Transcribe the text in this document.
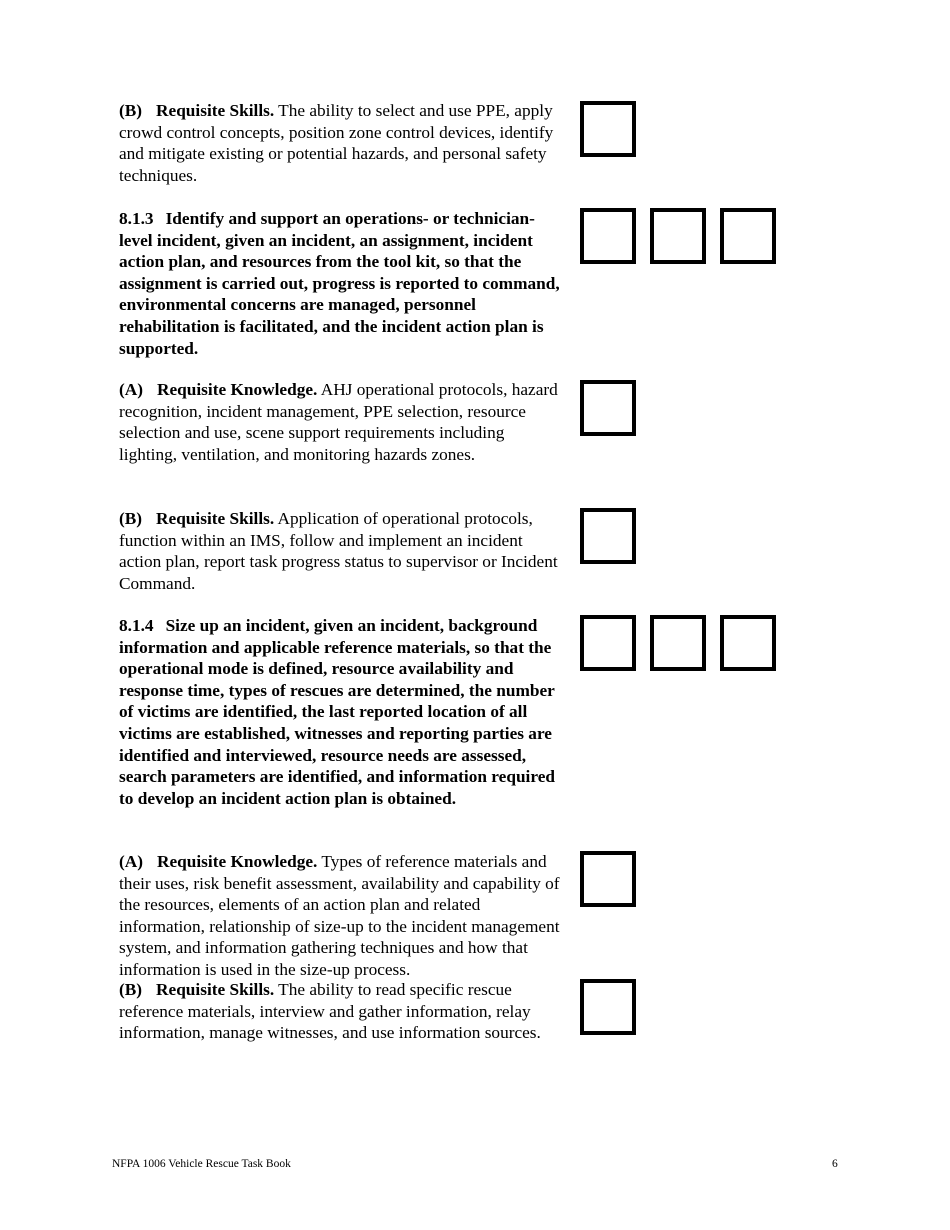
(B) Requisite Skills. The ability to select and use PPE, apply crowd control concepts, position zone control devices, identify and mitigate existing or potential hazards, and personal safety techniques.

8.1.3 Identify and support an operations- or technician-level incident, given an incident, an assignment, incident action plan, and resources from the tool kit, so that the assignment is carried out, progress is reported to command, environmental concerns are managed, personnel rehabilitation is facilitated, and the incident action plan is supported.

(A) Requisite Knowledge. AHJ operational protocols, hazard recognition, incident management, PPE selection, resource selection and use, scene support requirements including lighting, ventilation, and monitoring hazards zones.

(B) Requisite Skills. Application of operational protocols, function within an IMS, follow and implement an incident action plan, report task progress status to supervisor or Incident Command.

8.1.4 Size up an incident, given an incident, background information and applicable reference materials, so that the operational mode is defined, resource availability and response time, types of rescues are determined, the number of victims are identified, the last reported location of all victims are established, witnesses and reporting parties are identified and interviewed, resource needs are assessed, search parameters are identified, and information required to develop an incident action plan is obtained.

(A) Requisite Knowledge. Types of reference materials and their uses, risk benefit assessment, availability and capability of the resources, elements of an action plan and related information, relationship of size-up to the incident management system, and information gathering techniques and how that information is used in the size-up process.

(B) Requisite Skills. The ability to read specific rescue reference materials, interview and gather information, relay information, manage witnesses, and use information sources.

NFPA 1006 Vehicle Rescue Task Book	6
